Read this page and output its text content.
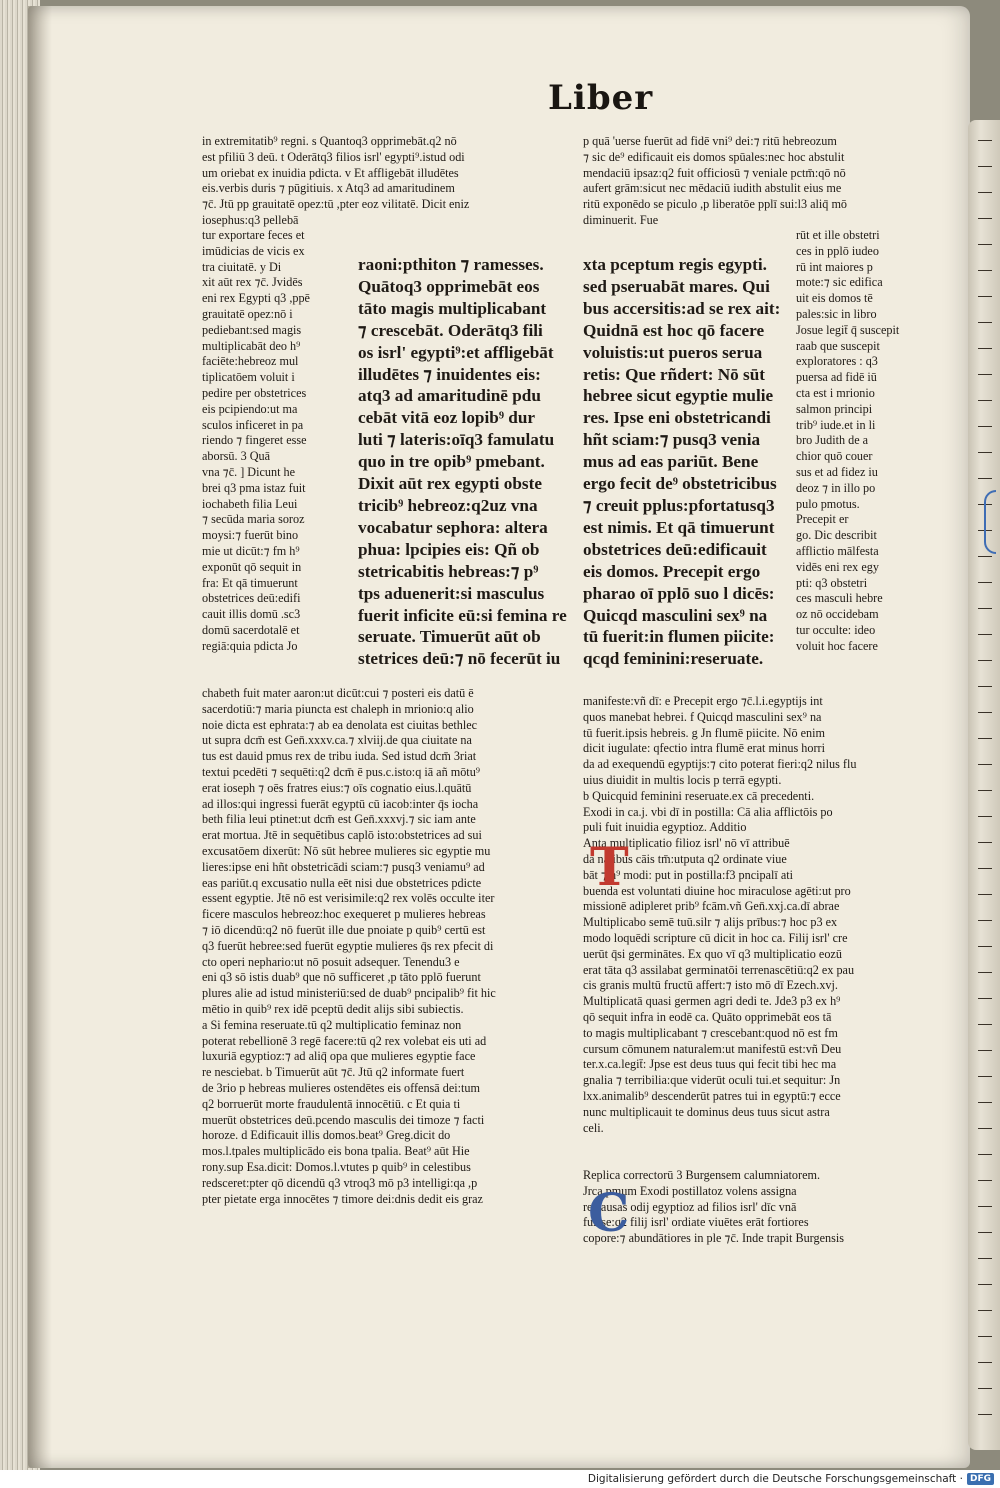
Liber
in extremitatib⁹ regni. s Quantoq3 opprimebāt.q2 nō
est pfiliū 3 deū. t Oderātq3 filios isrl' egypti⁹.istud odi
um oriebat ex inuidia pdicta. v Et affligebāt illudētes
eis.verbis duris ⁊ pūgitiuis. x Atq3 ad amaritudinem
⁊c̄. Jtū pp grauitatē opez:tū ,pter eoz vilitatē. Dicit eniz
iosephus:q3 pellebā
tur exportare feces et
imūdicias de vicis ex
tra ciuitatē. y Di
xit aūt rex ⁊c̄. Jvidēs
eni rex Egypti q3 ,ppē
grauitatē opez:nō i
pediebant:sed magis
multiplicabāt deo h⁹
faciēte:hebreoz mul
tiplicatōem voluit i
pedire per obstetrices
eis pcipiendo:ut ma
sculos inficeret in pa
riendo ⁊ fingeret esse
aborsū. 3 Quā
vna ⁊c̄. ] Dicunt he
brei q3 pma istaz fuit
iochabeth filia Leui
⁊ secūda maria soroz
moysi:⁊ fuerūt bino
mie ut dicūt:⁊ fm h⁹
exponūt qō sequit in
fra: Et qā timuerunt
obstetrices deū:edifi
cauit illis domū .sc3
domū sacerdotalē et
regiā:quia pdicta Jo
raoni:pthiton ⁊ ramesses.
Quātoq3 opprimebāt eos
tāto magis multiplicabant
⁊ crescebāt. Oderātq3 fili
os isrl' egypti⁹:et affligebāt
illudētes ⁊ inuidentes eis:
atq3 ad amaritudinē pdu
cebāt vitā eoz lopib⁹ dur
luti ⁊ lateris:oīq3 famulatu
quo in tre opib⁹ pmebant.
Dixit aūt rex egypti obste
tricib⁹ hebreoz:q2uz vna
vocabatur sephora: altera
phua: lpcipies eis: Qñ ob
stetricabitis hebreas:⁊ p⁹
tps aduenerit:si masculus
fuerit inficite eū:si femina re
seruate. Timuerūt aūt ob
stetrices deū:⁊ nō fecerūt iu
p quā 'uerse fuerūt ad fidē vni⁹ dei:⁊ ritū hebreozum
⁊ sic de⁹ edificauit eis domos spūales:nec hoc abstulit
mendaciū ipsaz:q2 fuit officiosū ⁊ veniale pctm̄:qō nō
aufert grām:sicut nec mēdaciū iudith abstulit eius me
ritū exponēdo se piculo ,p liberatōe pplī sui:l3 aliq̄ mō
diminuerit. Fue
xta pceptum regis egypti.
sed pseruabāt mares. Qui
bus accersitis:ad se rex ait:
Quidnā est hoc qō facere
voluistis:ut pueros serua
retis: Que rñdert: Nō sūt
hebree sicut egyptie mulie
res. Ipse eni obstetricandi
hñt sciam:⁊ pusq3 venia
mus ad eas pariūt. Bene
ergo fecit de⁹ obstetricibus
⁊ creuit pplus:pfortatusq3
est nimis. Et qā timuerunt
obstetrices deū:edificauit
eis domos. Precepit ergo
pharao oī pplō suo l dicēs:
Quicqd masculini sex⁹ na
tū fuerit:in flumen piicite:
qcqd feminini:reseruate.
rūt et ille obstetri
ces in pplō iudeo
rū int maiores p
mote:⁊ sic edifica
uit eis domos tē
pales:sic in libro
Josue legit̄ q̄ suscepit
raab que suscepit
exploratores : q3
puersa ad fidē iū
cta est i mrionio
salmon principi
trib⁹ iude.et in li
bro Judith de a
chior quō couer
sus et ad fidez iu
deoz ⁊ in illo po
pulo pmotus.
Precepit er
go. Dic describit
afflictio mālfesta
vidēs eni rex egy
pti: q3 obstetri
ces masculi hebre
oz nō occidebam
tur occulte: ideo
voluit hoc facere
chabeth fuit mater aaron:ut dicūt:cui ⁊ posteri eis datū ē
sacerdotiū:⁊ maria piuncta est chaleph in mrionio:q alio
noie dicta est ephrata:⁊ ab ea denolata est ciuitas bethlec
ut supra dcm̄ est Gen̄.xxxv.ca.⁊ xlviij.de qua ciuitate na
tus est dauid pmus rex de tribu iuda. Sed istud dcm̄ 3riat
textui pcedēti ⁊ sequēti:q2 dcm̄ ē pus.c.isto:q iā añ mōtu⁹
erat ioseph ⁊ oēs fratres eius:⁊ oīs cognatio eius.l.quātū
ad illos:qui ingressi fuerāt egyptū cū iacob:inter q̄s iocha
beth filia leui ptinet:ut dcm̄ est Gen̄.xxxvj.⁊ sic iam ante
erat mortua. Jtē in sequētibus caplō isto:obstetrices ad sui
excusatōem dixerūt: Nō sūt hebree mulieres sic egyptie mu
lieres:ipse eni hñt obstetricādi sciam:⁊ pusq3 veniamu⁹ ad
eas pariūt.q excusatio nulla eēt nisi due obstetrices pdicte
essent egyptie. Jtē nō est verisimile:q2 rex volēs occulte iter
ficere masculos hebreoz:hoc exequeret p mulieres hebreas
⁊ iō dicendū:q2 nō fuerūt ille due pnoiate p quib⁹ certū est
q3 fuerūt hebree:sed fuerūt egyptie mulieres q̄s rex pfecit di
cto operi nephario:ut nō posuit adsequer. Tenendu3 e
eni q3 sō istis duab⁹ que nō sufficeret ,p tāto pplō fuerunt
plures alie ad istud ministeriū:sed de duab⁹ pncipalib⁹ fit hic
mētio in quib⁹ rex idē pceptū dedit alijs sibi subiectis.
a Si femina reseruate.tū q2 multiplicatio feminaz non
poterat rebellionē 3 regē facere:tū q2 rex volebat eis uti ad
luxuriā egyptioz:⁊ ad aliq̄ opa que mulieres egyptie face
re nesciebat. b Timuerūt aūt ⁊c̄. Jtū q2 informate fuert
de 3rio p hebreas mulieres ostendētes eis offensā dei:tum
q2 borruerūt morte fraudulentā innocētiū. c Et quia ti
muerūt obstetrices deū.pcendo masculis dei timoze ⁊ facti
horoze. d Edificauit illis domos.beat⁹ Greg.dicit do
mos.l.tpales multiplicādo eis bona tpalia. Beat⁹ aūt Hie
rony.sup Esa.dicit: Domos.l.vtutes p quib⁹ in celestibus
redsceret:pter qō dicendū q3 vtroq3 mō p3 intelligi:qa ,p
pter pietate erga innocētes ⁊ timore dei:dnis dedit eis graz
manifeste:vñ dī: e Precepit ergo ⁊c̄.l.i.egyptijs int
quos manebat hebrei. f Quicqd masculini sex⁹ na
tū fuerit.ipsis hebreis. g Jn flumē piicite. Nō enim
dicit iugulate: qfectio intra flumē erat minus horri
da ad exequendū egyptijs:⁊ cito poterat fieri:q2 nilus flu
uius diuidit in multis locis p terrā egypti.
b Quicquid feminini reseruate.ex cā precedenti.
Exodi in ca.j. vbi dī in postilla: Cā alia afflictōis po
puli fuit inuidia egyptioz. Additio
Anta multiplicatio filioz isrl' nō vī attribuē
da nalibus cāis tm̄:utputa q2 ordinate viue
bāt ⁊ h⁹ modi: put in postilla:f3 pncipalī ati
buenda est voluntati diuine hoc miraculose agēti:ut pro
missionē adipleret prib⁹ fcām.vñ Gen̄.xxj.ca.dī abrae
Multiplicabo semē tuū.silr ⁊ alijs prībus:⁊ hoc p3 ex
modo loquēdi scripture cū dicit in hoc ca. Filij isrl' cre
uerūt q̄si germinātes. Ex quo vī q3 multiplicatio eozū
erat tāta q3 assilabat germinatōi terrenascētiū:q2 ex pau
cis granis multū fructū affert:⁊ isto mō dī Ezech.xvj.
Multiplicatā quasi germen agri dedi te. Jde3 p3 ex h⁹
qō sequit infra in eodē ca. Quāto opprimebāt eos tā
to magis multiplicabant ⁊ crescebant:quod nō est fm
cursum cōmunem naturalem:ut manifestū est:vñ Deu
ter.x.ca.legit̄: Jpse est deus tuus qui fecit tibi hec ma
gnalia ⁊ terribilia:que viderūt oculi tui.et sequitur: Jn
lxx.animalib⁹ descenderūt patres tui in egyptū:⁊ ecce
nunc multiplicauit te dominus deus tuus sicut astra
celi.
Replica correctorū 3 Burgensem calumniatorem.
Jrca pmum Exodi postillatoz volens assigna
re causas odij egyptioz ad filios isrl' dīc vnā
fuisse:q2 filij isrl' ordiate viuētes erāt fortiores
copore:⁊ abundātiores in ple ⁊c̄. Inde trapit Burgensis
T
C
Digitalisierung gefördert durch die Deutsche Forschungsgemeinschaft · DFG
